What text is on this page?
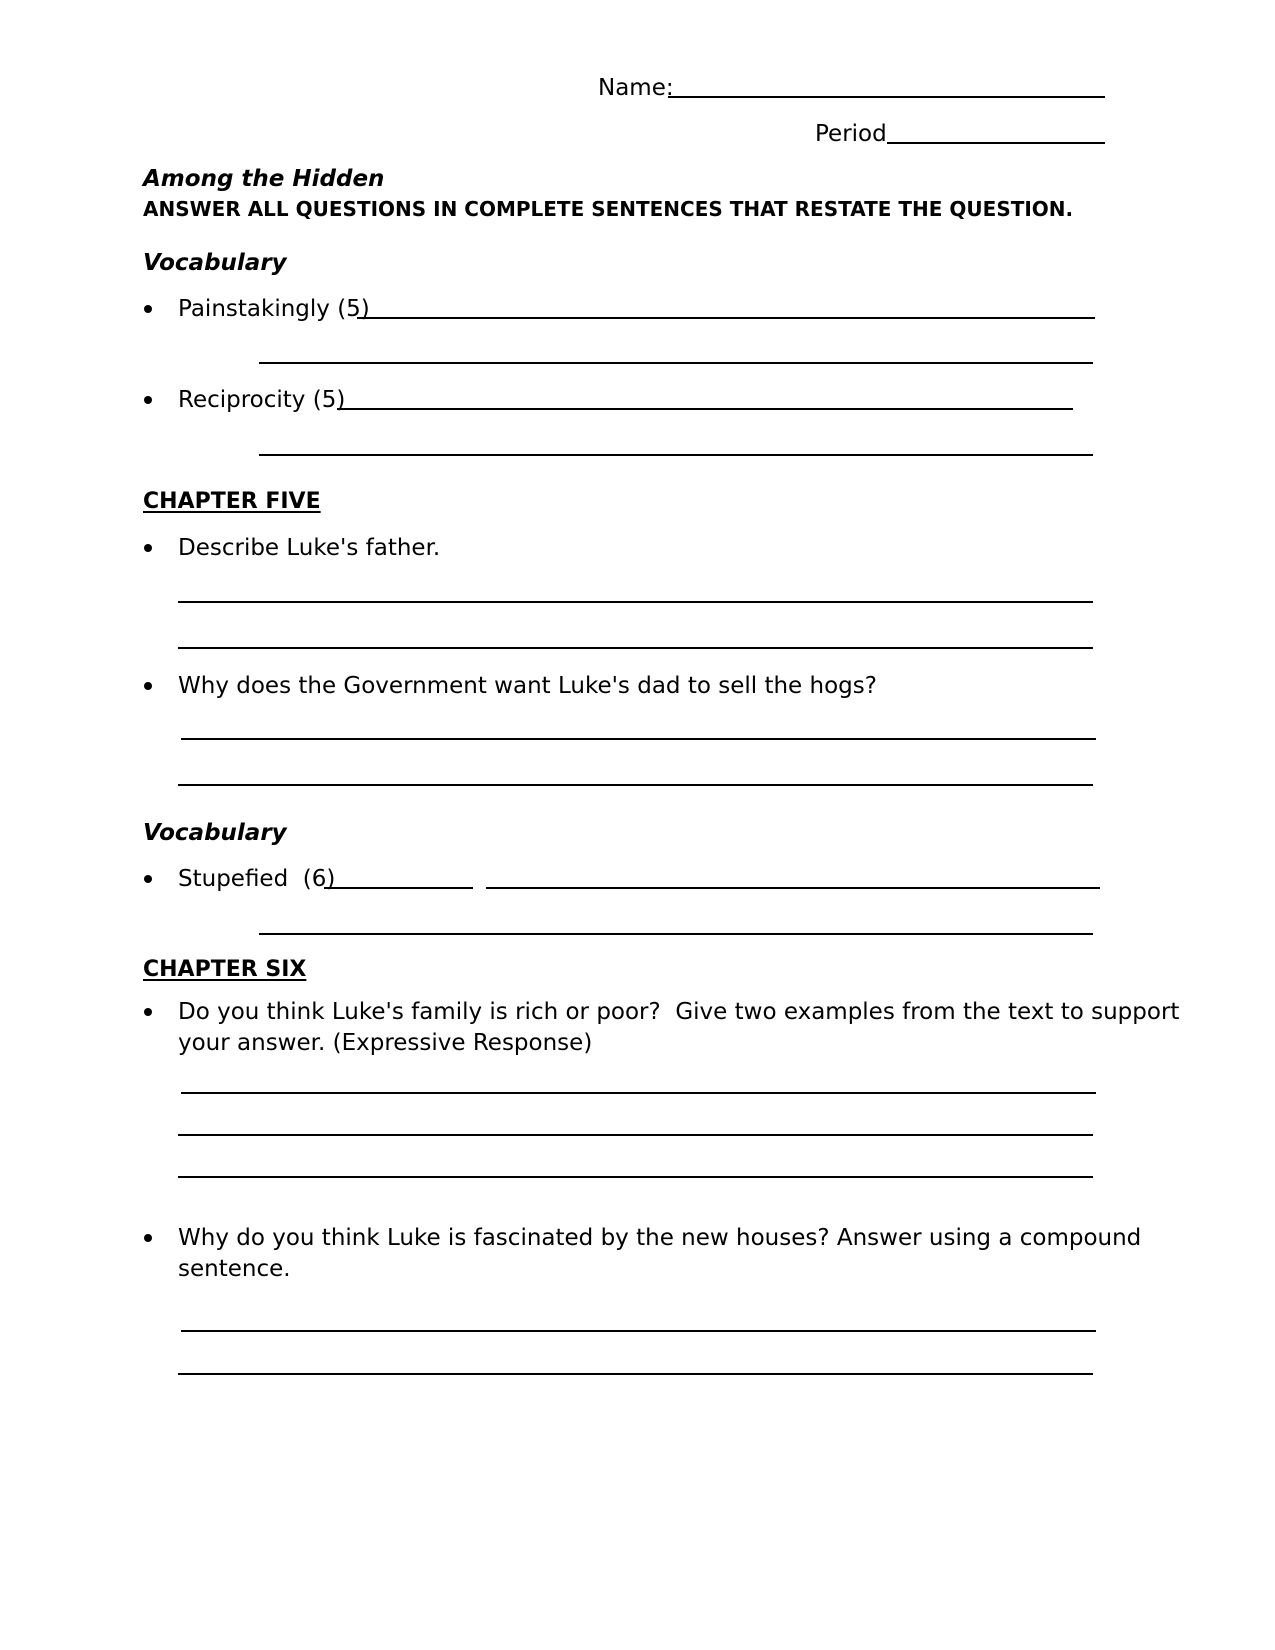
Name:
Period
Among the Hidden
ANSWER ALL QUESTIONS IN COMPLETE SENTENCES THAT RESTATE THE QUESTION.
Vocabulary
Painstakingly (5)
Reciprocity (5)
CHAPTER FIVE
Describe Luke's father.
Why does the Government want Luke's dad to sell the hogs?
Vocabulary
Stupefied  (6)
CHAPTER SIX
Do you think Luke's family is rich or poor?  Give two examples from the text to support
your answer. (Expressive Response)
Why do you think Luke is fascinated by the new houses? Answer using a compound
sentence.
